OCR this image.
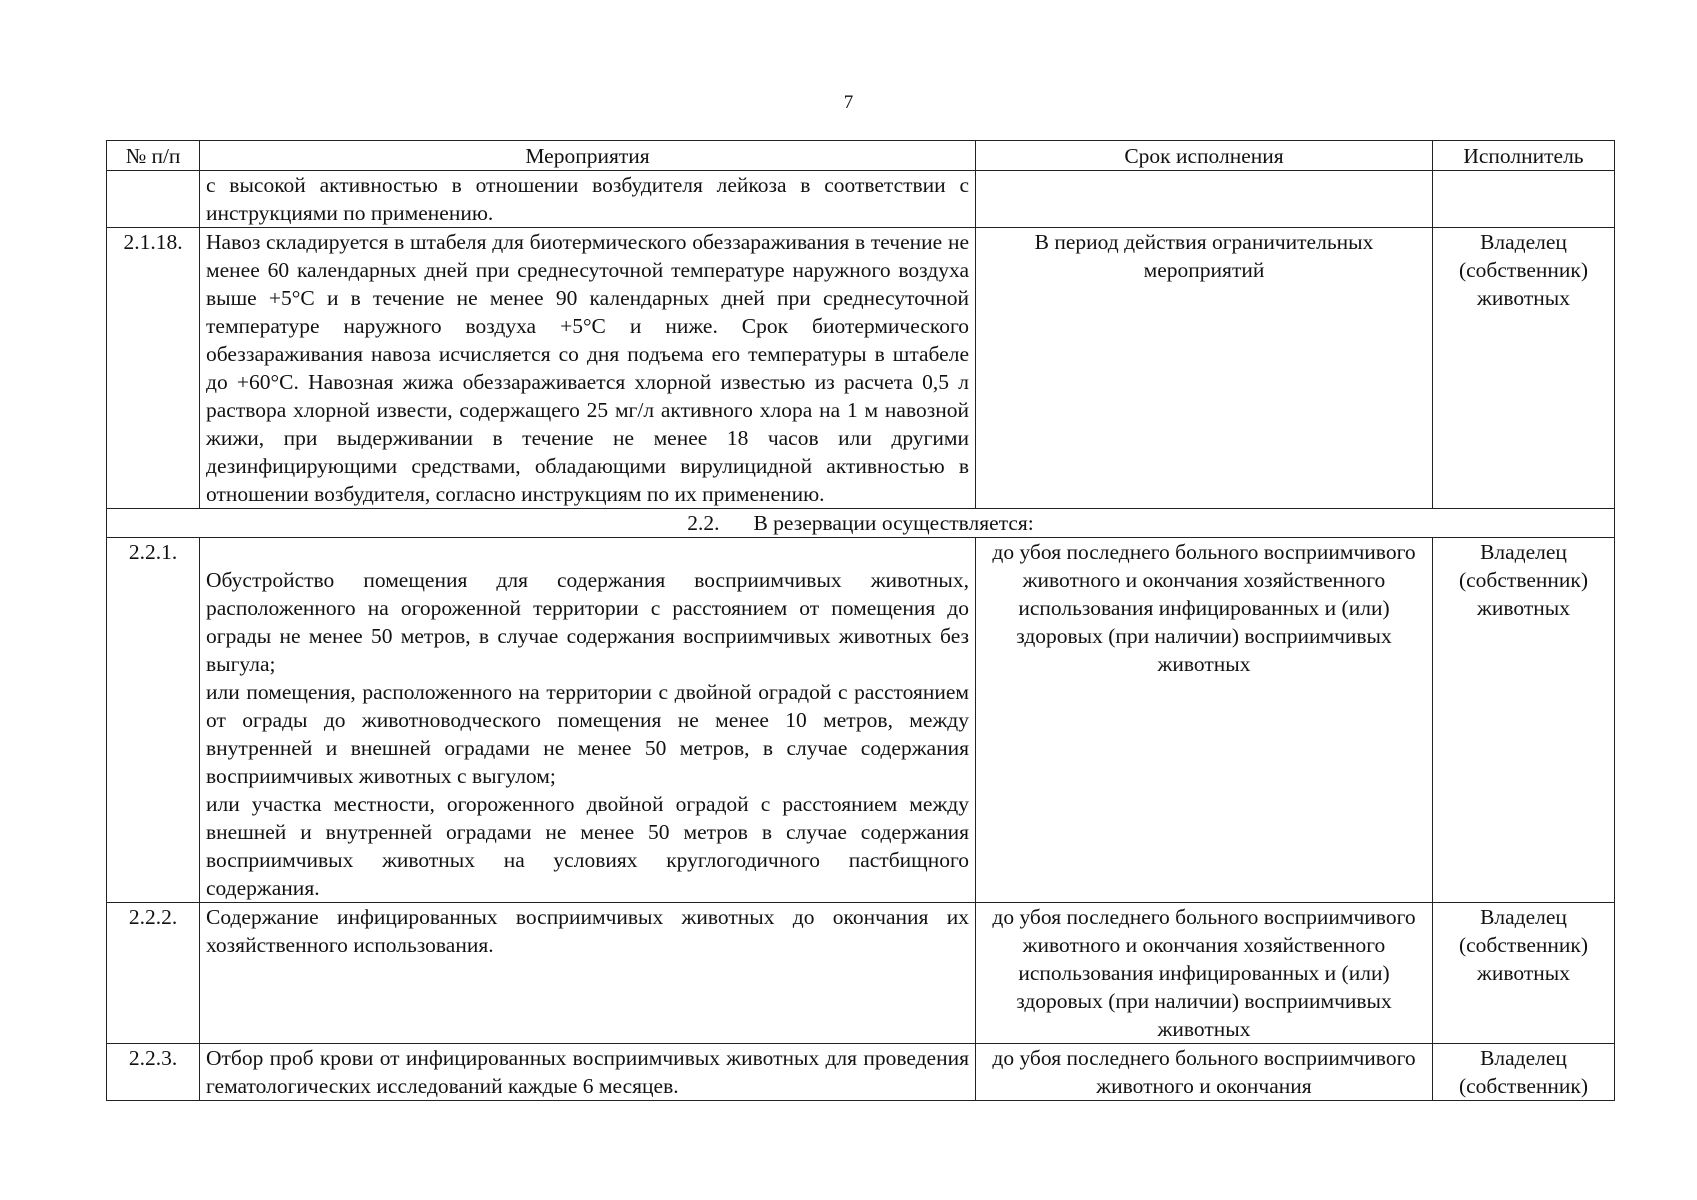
7
№ п/п	Мероприятия	Срок исполнения	Исполнитель
	с высокой активностью в отношении возбудителя лейкоза в соответствии с инструкциями по применению.		
2.1.18.	Навоз складируется в штабеля для биотермического обеззараживания в течение не менее 60 календарных дней при среднесуточной температуре наружного воздуха выше +5°С и в течение не менее 90 календарных дней при среднесуточной температуре наружного воздуха +5°С и ниже. Срок биотермического обеззараживания навоза исчисляется со дня подъема его температуры в штабеле до +60°С. Навозная жижа обеззараживается хлорной известью из расчета 0,5 л раствора хлорной извести, содержащего 25 мг/л активного хлора на 1 м навозной жижи, при выдерживании в течение не менее 18 часов или другими дезинфицирующими средствами, обладающими вирулицидной активностью в отношении возбудителя, согласно инструкциям по их применению.	В период действия ограничительных мероприятий	Владелец (собственник) животных
2.2. В резервации осуществляется:			
2.2.1.	Обустройство помещения для содержания восприимчивых животных, расположенного на огороженной территории с расстоянием от помещения до ограды не менее 50 метров, в случае содержания восприимчивых животных без выгула;
или помещения, расположенного на территории с двойной оградой с расстоянием от ограды до животноводческого помещения не менее 10 метров, между внутренней и внешней оградами не менее 50 метров, в случае содержания восприимчивых животных с выгулом;
или участка местности, огороженного двойной оградой с расстоянием между внешней и внутренней оградами не менее 50 метров в случае содержания восприимчивых животных на условиях круглогодичного пастбищного содержания.	до убоя последнего больного восприимчивого животного и окончания хозяйственного использования инфицированных и (или) здоровых (при наличии) восприимчивых животных	Владелец (собственник) животных
2.2.2.	Содержание инфицированных восприимчивых животных до окончания их хозяйственного использования.	до убоя последнего больного восприимчивого животного и окончания хозяйственного использования инфицированных и (или) здоровых (при наличии) восприимчивых животных	Владелец (собственник) животных
2.2.3.	Отбор проб крови от инфицированных восприимчивых животных для проведения гематологических исследований каждые 6 месяцев.	до убоя последнего больного восприимчивого животного и окончания	Владелец (собственник)
